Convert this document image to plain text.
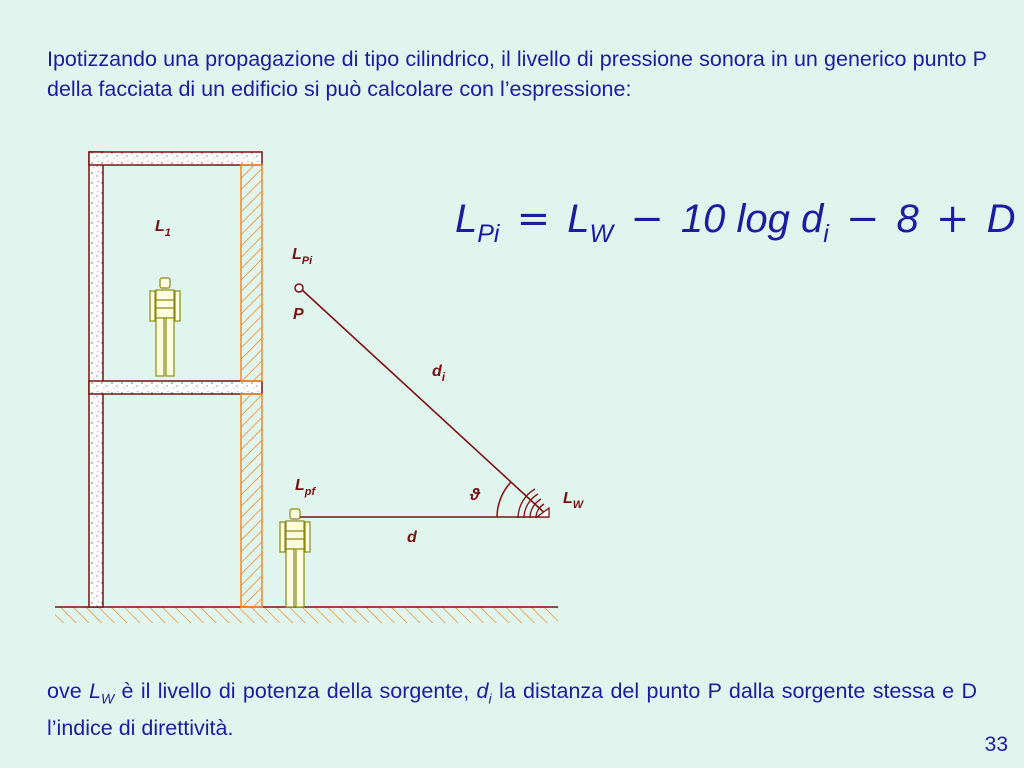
Ipotizzando una propagazione di tipo cilindrico, il livello di pressione sonora in un generico punto P della facciata di un edificio si può calcolare con l’espressione:

$L_{Pi} = L_W - 10$ $\log d_i - 8 + D$
$L_1$
$L_{Pi}$
P
$d_i$
ϑ
$L_{pf}$	$L_W$
d

ove $L_W$ è il livello di potenza della sorgente, $d_i$ la distanza del punto P dalla sorgente stessa e D l’indice di direttività.

33
